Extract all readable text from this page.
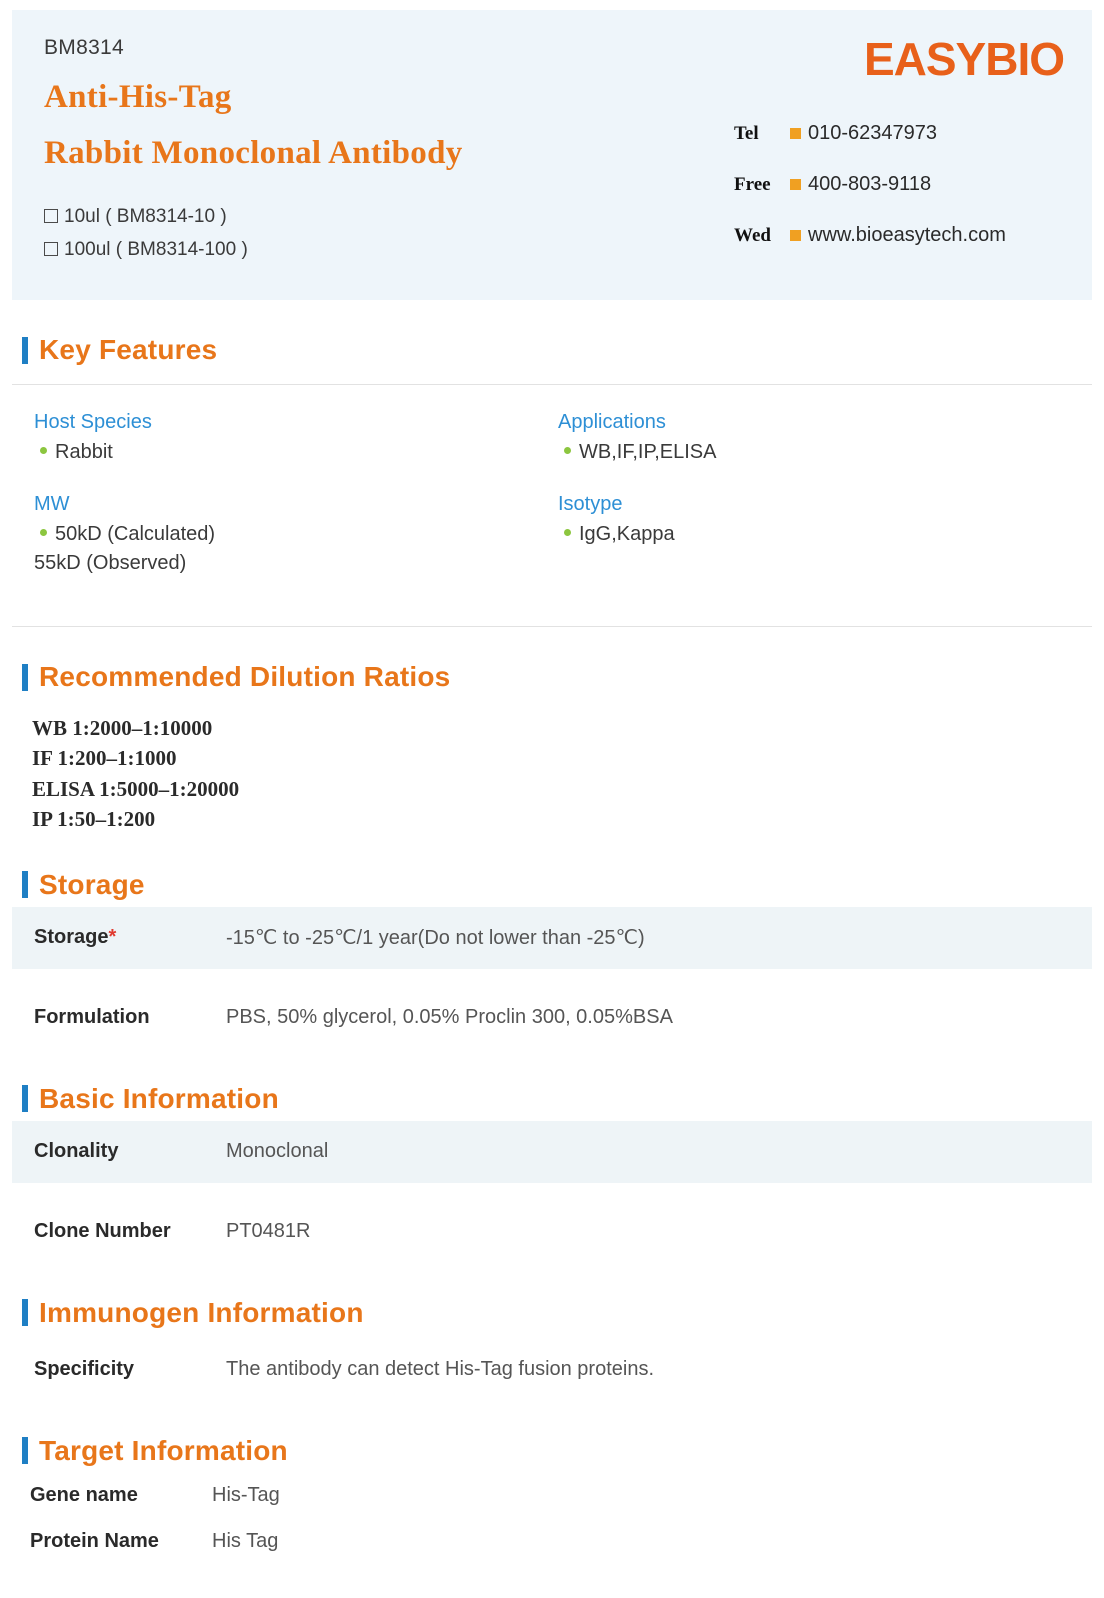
BM8314
Anti-His-Tag
Rabbit Monoclonal Antibody
10ul ( BM8314-10 )
100ul ( BM8314-100 )
EASYBIO
Tel	010-62347973
Free	400-803-9118
Wed	www.bioeasytech.com
Key Features
Host Species
Rabbit
MW
50kD (Calculated)
55kD (Observed)
Applications
WB,IF,IP,ELISA
Isotype
IgG,Kappa
Recommended Dilution Ratios
WB 1:2000–1:10000
IF 1:200–1:1000
ELISA 1:5000–1:20000
IP 1:50–1:200
Storage
Storage*	-15℃ to -25℃/1 year(Do not lower than -25℃)
Formulation	PBS, 50% glycerol, 0.05% Proclin 300, 0.05%BSA
Basic Information
Clonality	Monoclonal
Clone Number	PT0481R
Immunogen Information
Specificity	The antibody can detect His-Tag fusion proteins.
Target Information
Gene name	His-Tag
Protein Name	His Tag
